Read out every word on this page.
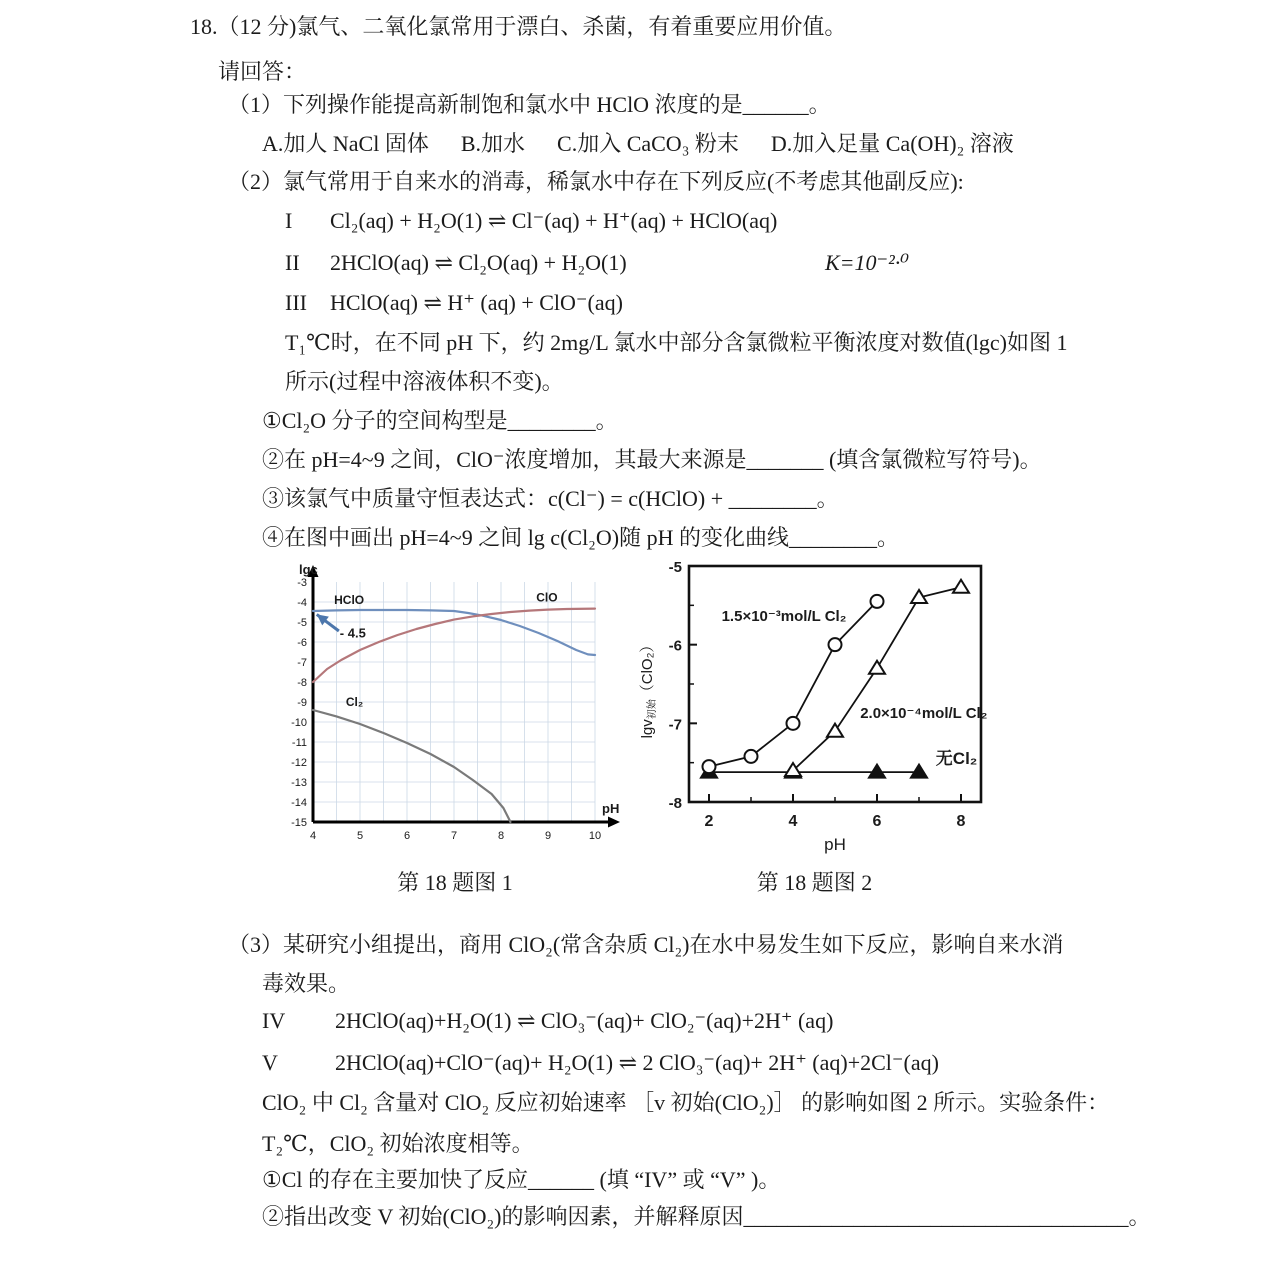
18.（12 分)氯气、二氧化氯常用于漂白、杀菌，有着重要应用价值。

请回答：

（1）下列操作能提高新制饱和氯水中 HClO 浓度的是______。

A.加人 NaCl 固体 B.加水 C.加入 CaCO₃ 粉末 D.加入足量 Ca(OH)₂ 溶液

（2）氯气常用于自来水的消毒，稀氯水中存在下列反应(不考虑其他副反应):

I	Cl₂(aq) + H₂O(1) ⇌ Cl⁻(aq) + H⁺(aq) + HClO(aq)
II	2HClO(aq) ⇌ Cl₂O(aq) + H₂O(1)	K=10⁻²·⁰
III	HClO(aq) ⇌ H⁺ (aq) + ClO⁻(aq)

T₁℃时，在不同 pH 下，约 2mg/L 氯水中部分含氯微粒平衡浓度对数值(lgc)如图 1

所示(过程中溶液体积不变)。

①Cl₂O 分子的空间构型是________。

②在 pH=4~9 之间，ClO⁻浓度增加，其最大来源是_______ (填含氯微粒写符号)。

③该氯气中质量守恒表达式：c(Cl⁻) = c(HClO) + ________。

④在图中画出 pH=4~9 之间 lg c(Cl₂O)随 pH 的变化曲线________。

lgc
pH
-3
-4
-5
-6
-7
-8
-9
-10
-11
-12
-13
-14
-15
4	5	6	7	8	9	10
HClO	ClO
Cl₂
- 4.5
2	4	6	8
-5
-6
-7
-8
pH
lgv$_{初始}$（ClO₂）
1.5×10⁻³mol/L Cl₂
2.0×10⁻⁴mol/L Cl₂
无Cl₂
第 18 题图 1	第 18 题图 2

（3）某研究小组提出，商用 ClO₂(常含杂质 Cl₂)在水中易发生如下反应，影响自来水消

毒效果。

IV	2HClO(aq)+H₂O(1) ⇌ ClO₃⁻(aq)+ ClO₂⁻(aq)+2H⁺ (aq)
V	2HClO(aq)+ClO⁻(aq)+ H₂O(1) ⇌ 2 ClO₃⁻(aq)+ 2H⁺ (aq)+2Cl⁻(aq)

ClO₂ 中 Cl₂ 含量对 ClO₂ 反应初始速率 ［v 初始(ClO₂)］ 的影响如图 2 所示。实验条件：

T₂℃，ClO₂ 初始浓度相等。

①Cl 的存在主要加快了反应______ (填 “IV” 或 “V” )。

②指出改变 V 初始(ClO₂)的影响因素，并解释原因___________________________________。
